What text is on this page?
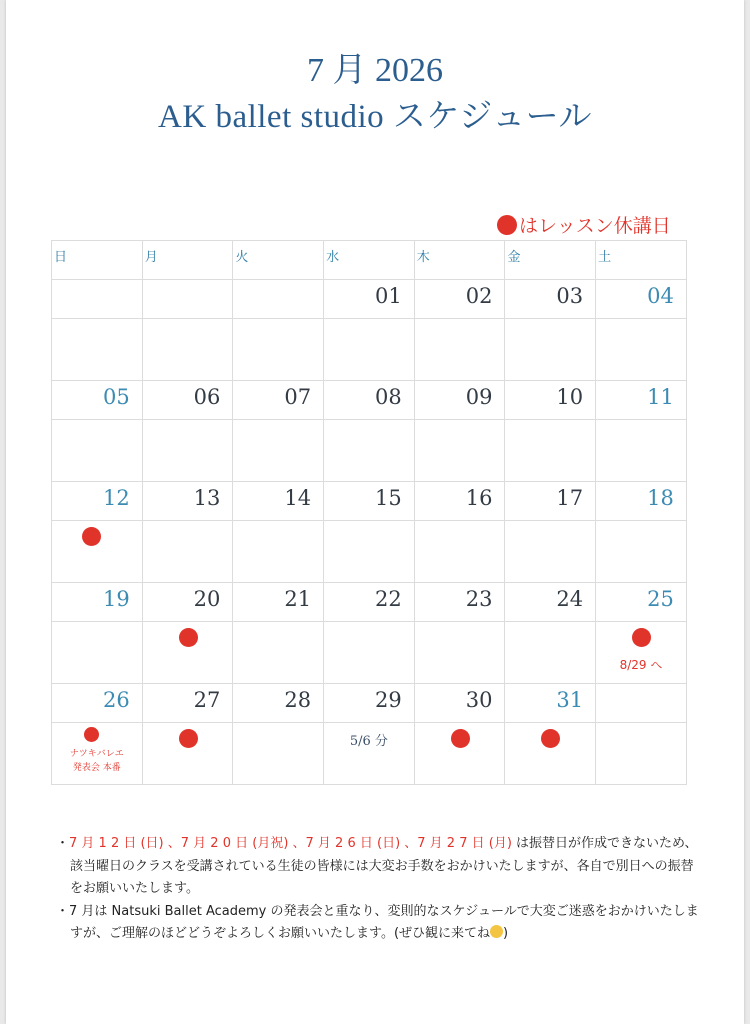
7 月 2026
AK ballet studio スケジュール
はレッスン休講日
日	月	火	水	木	金	土

			01	02	03	04

05	06	07	08	09	10	11

12	13	14	15	16	17	18

19	20	21	22	23	24	25

						8/29 へ

26	27	28	29	30	31	

ナツキバレエ
発表会 本番			5/6 分			

・7 月 1 2 日 (日) 、7 月 2 0 日 (月祝) 、7 月 2 6 日 (日) 、7 月 2 7 日 (月) は振替日が作成できないため、該当曜日のクラスを受講されている生徒の皆様には大変お手数をおかけいたしますが、各自で別日への振替をお願いいたします。

・7 月は Natsuki Ballet Academy の発表会と重なり、変則的なスケジュールで大変ご迷惑をおかけいたしますが、ご理解のほどどうぞよろしくお願いいたします。(ぜひ観に来てね )
